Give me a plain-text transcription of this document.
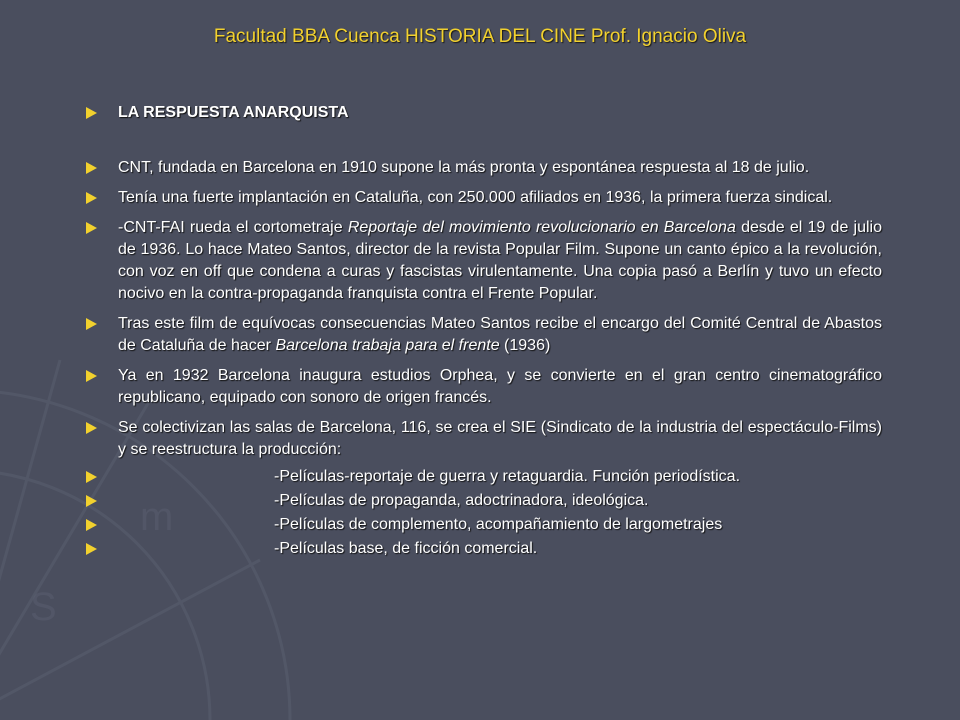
S
m
Facultad BBA Cuenca HISTORIA DEL CINE Prof. Ignacio Oliva
LA RESPUESTA ANARQUISTA
CNT, fundada en Barcelona en 1910 supone la más pronta y espontánea respuesta al 18 de julio.
Tenía una fuerte implantación en Cataluña, con 250.000 afiliados en 1936, la primera fuerza sindical.
-CNT-FAI rueda el cortometraje Reportaje del movimiento revolucionario en Barcelona desde el 19 de julio de 1936. Lo hace Mateo Santos, director de la revista Popular Film. Supone un canto épico a la revolución, con voz en off que condena a curas y fascistas virulentamente. Una copia pasó a Berlín y tuvo un efecto nocivo en la contra-propaganda franquista contra el Frente Popular.
Tras este film de equívocas consecuencias Mateo Santos recibe el encargo del Comité Central de Abastos de Cataluña de hacer Barcelona trabaja para el frente (1936)
Ya en 1932 Barcelona inaugura estudios Orphea, y se convierte en el gran centro cinematográfico republicano, equipado con sonoro de origen francés.
Se colectivizan las salas de Barcelona, 116, se crea el SIE (Sindicato de la industria del espectáculo-Films) y se reestructura la producción:
-Películas-reportaje de guerra y retaguardia. Función periodística.
-Películas de propaganda, adoctrinadora, ideológica.
-Películas de complemento, acompañamiento de largometrajes
-Películas base, de ficción comercial.
